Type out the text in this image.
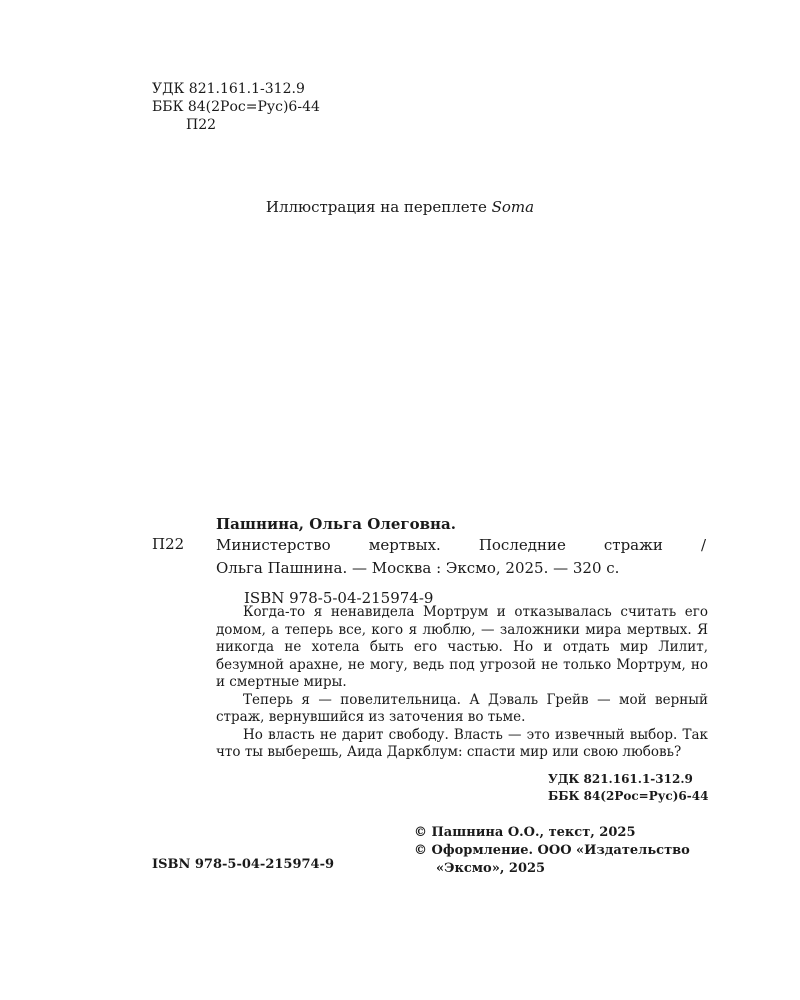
УДК 821.161.1-312.9
ББК 84(2Рос=Рус)6-44
П22
Иллюстрация на переплете Soma
П22
Пашнина, Ольга Олеговна.
Министерство мертвых. Последние стражи /
Ольга Пашнина. — Москва : Эксмо, 2025. — 320 с.
ISBN 978-5-04-215974-9

Когда-то я ненавидела Мортрум и отказывалась считать его домом, а теперь все, кого я люблю, — заложники мира мертвых. Я никогда не хотела быть его частью. Но и отдать мир Лилит, безумной арахне, не могу, ведь под угрозой не только Мортрум, но и смертные миры.

Теперь я — повелительница. А Дэваль Грейв — мой верный страж, вернувшийся из заточения во тьме.

Но власть не дарит свободу. Власть — это извечный выбор. Так что ты выберешь, Аида Даркблум: спасти мир или свою любовь?

УДК 821.161.1-312.9
ББК 84(2Рос=Рус)6-44
© Пашнина О.О., текст, 2025
© Оформление. ООО «Издательство
«Эксмо», 2025
ISBN 978-5-04-215974-9
